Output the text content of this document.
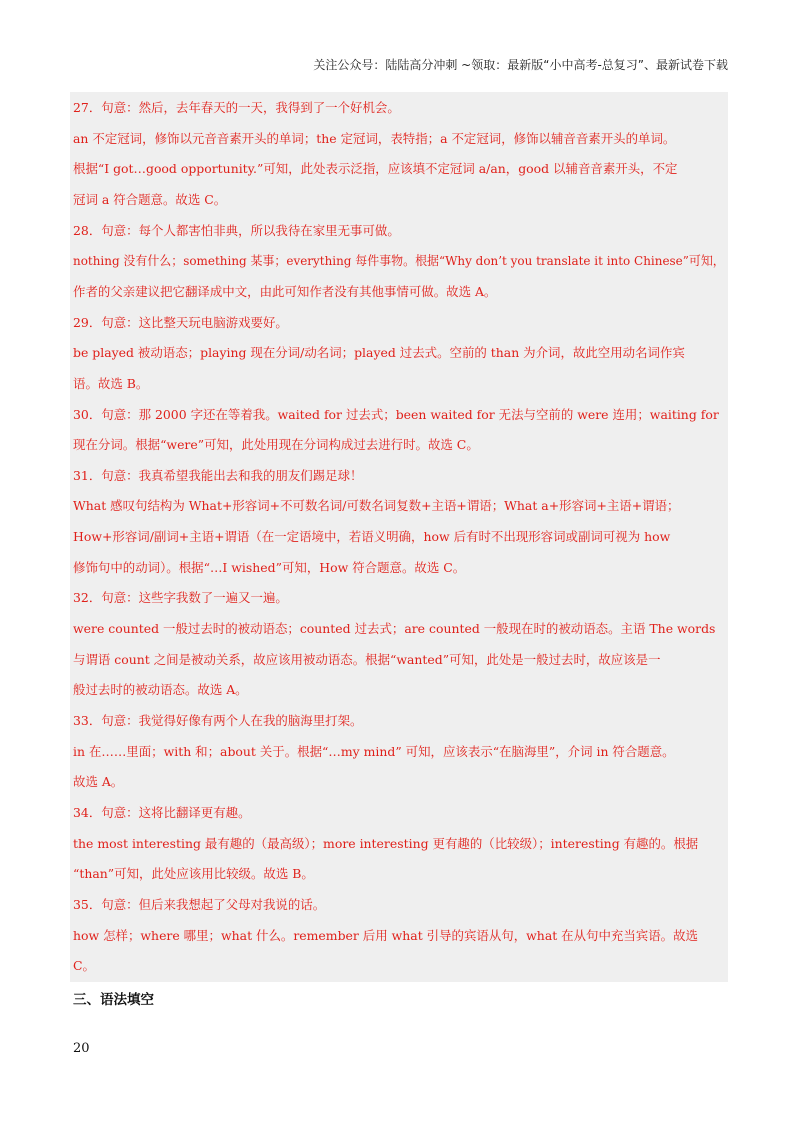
关注公众号：陆陆高分冲刺 ~领取：最新版“小中高考-总复习”、最新试卷下载
27．句意：然后，去年春天的一天，我得到了一个好机会。
an 不定冠词，修饰以元音音素开头的单词；the 定冠词，表特指；a 不定冠词，修饰以辅音音素开头的单词。
根据“I got…good opportunity.”可知，此处表示泛指，应该填不定冠词 a/an，good 以辅音音素开头，不定
冠词 a 符合题意。故选 C。
28．句意：每个人都害怕非典，所以我待在家里无事可做。
nothing 没有什么；something 某事；everything 每件事物。根据“Why don’t you translate it into Chinese”可知，
作者的父亲建议把它翻译成中文，由此可知作者没有其他事情可做。故选 A。
29．句意：这比整天玩电脑游戏要好。
be played 被动语态；playing 现在分词/动名词；played 过去式。空前的 than 为介词，故此空用动名词作宾
语。故选 B。
30．句意：那 2000 字还在等着我。waited for 过去式；been waited for 无法与空前的 were 连用；waiting for
现在分词。根据“were”可知，此处用现在分词构成过去进行时。故选 C。
31．句意：我真希望我能出去和我的朋友们踢足球！
What 感叹句结构为 What+形容词+不可数名词/可数名词复数+主语+谓语；What a+形容词+主语+谓语；
How+形容词/副词+主语+谓语（在一定语境中，若语义明确，how 后有时不出现形容词或副词可视为 how
修饰句中的动词）。根据“…I wished”可知，How 符合题意。故选 C。
32．句意：这些字我数了一遍又一遍。
were counted 一般过去时的被动语态；counted 过去式；are counted 一般现在时的被动语态。主语 The words
与谓语 count 之间是被动关系，故应该用被动语态。根据“wanted”可知，此处是一般过去时，故应该是一
般过去时的被动语态。故选 A。
33．句意：我觉得好像有两个人在我的脑海里打架。
in 在……里面；with 和；about 关于。根据“…my mind” 可知，应该表示“在脑海里”，介词 in 符合题意。
故选 A。
34．句意：这将比翻译更有趣。
the most interesting 最有趣的（最高级）；more interesting 更有趣的（比较级）；interesting 有趣的。根据
“than”可知，此处应该用比较级。故选 B。
35．句意：但后来我想起了父母对我说的话。
how 怎样；where 哪里；what 什么。remember 后用 what 引导的宾语从句，what 在从句中充当宾语。故选
C。
三、语法填空
20
